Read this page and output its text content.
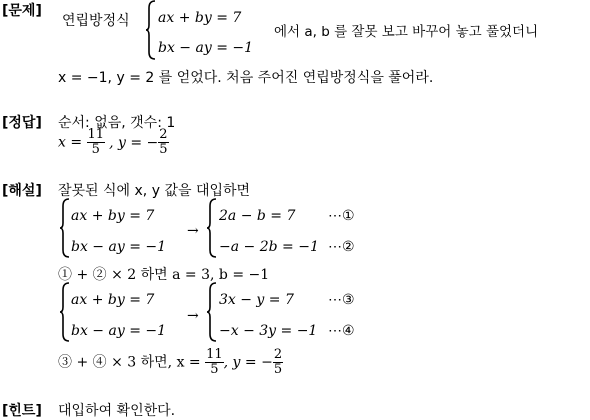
[문제]
연립방정식 ax + by = 7
bx − ay = −1
에서 a, b 를 잘못 보고 바꾸어 놓고 풀었더니
x = −1, y = 2 를 얻었다. 처음 주어진 연립방정식을 풀어라.
[정답] 순서: 없음, 갯수: 1
$x = \frac{11}{5}$ , y = − $\frac{2}{5}$
[해설] 잘못된 식에 x, y 값을 대입하면
ax + by = 7
bx − ay = −1
→
2a − b = 7
−a − 2b = −1
⋯①
⋯②
① + ② × 2 하면 a = 3, b = −1
ax + by = 7
bx − ay = −1
→
3x − y = 7
−x − 3y = −1
⋯③
⋯④
③ + ④ × 3 하면, $x = \frac{11}{5}$ , y = − $\frac{2}{5}$
[힌트] 대입하여 확인한다.
